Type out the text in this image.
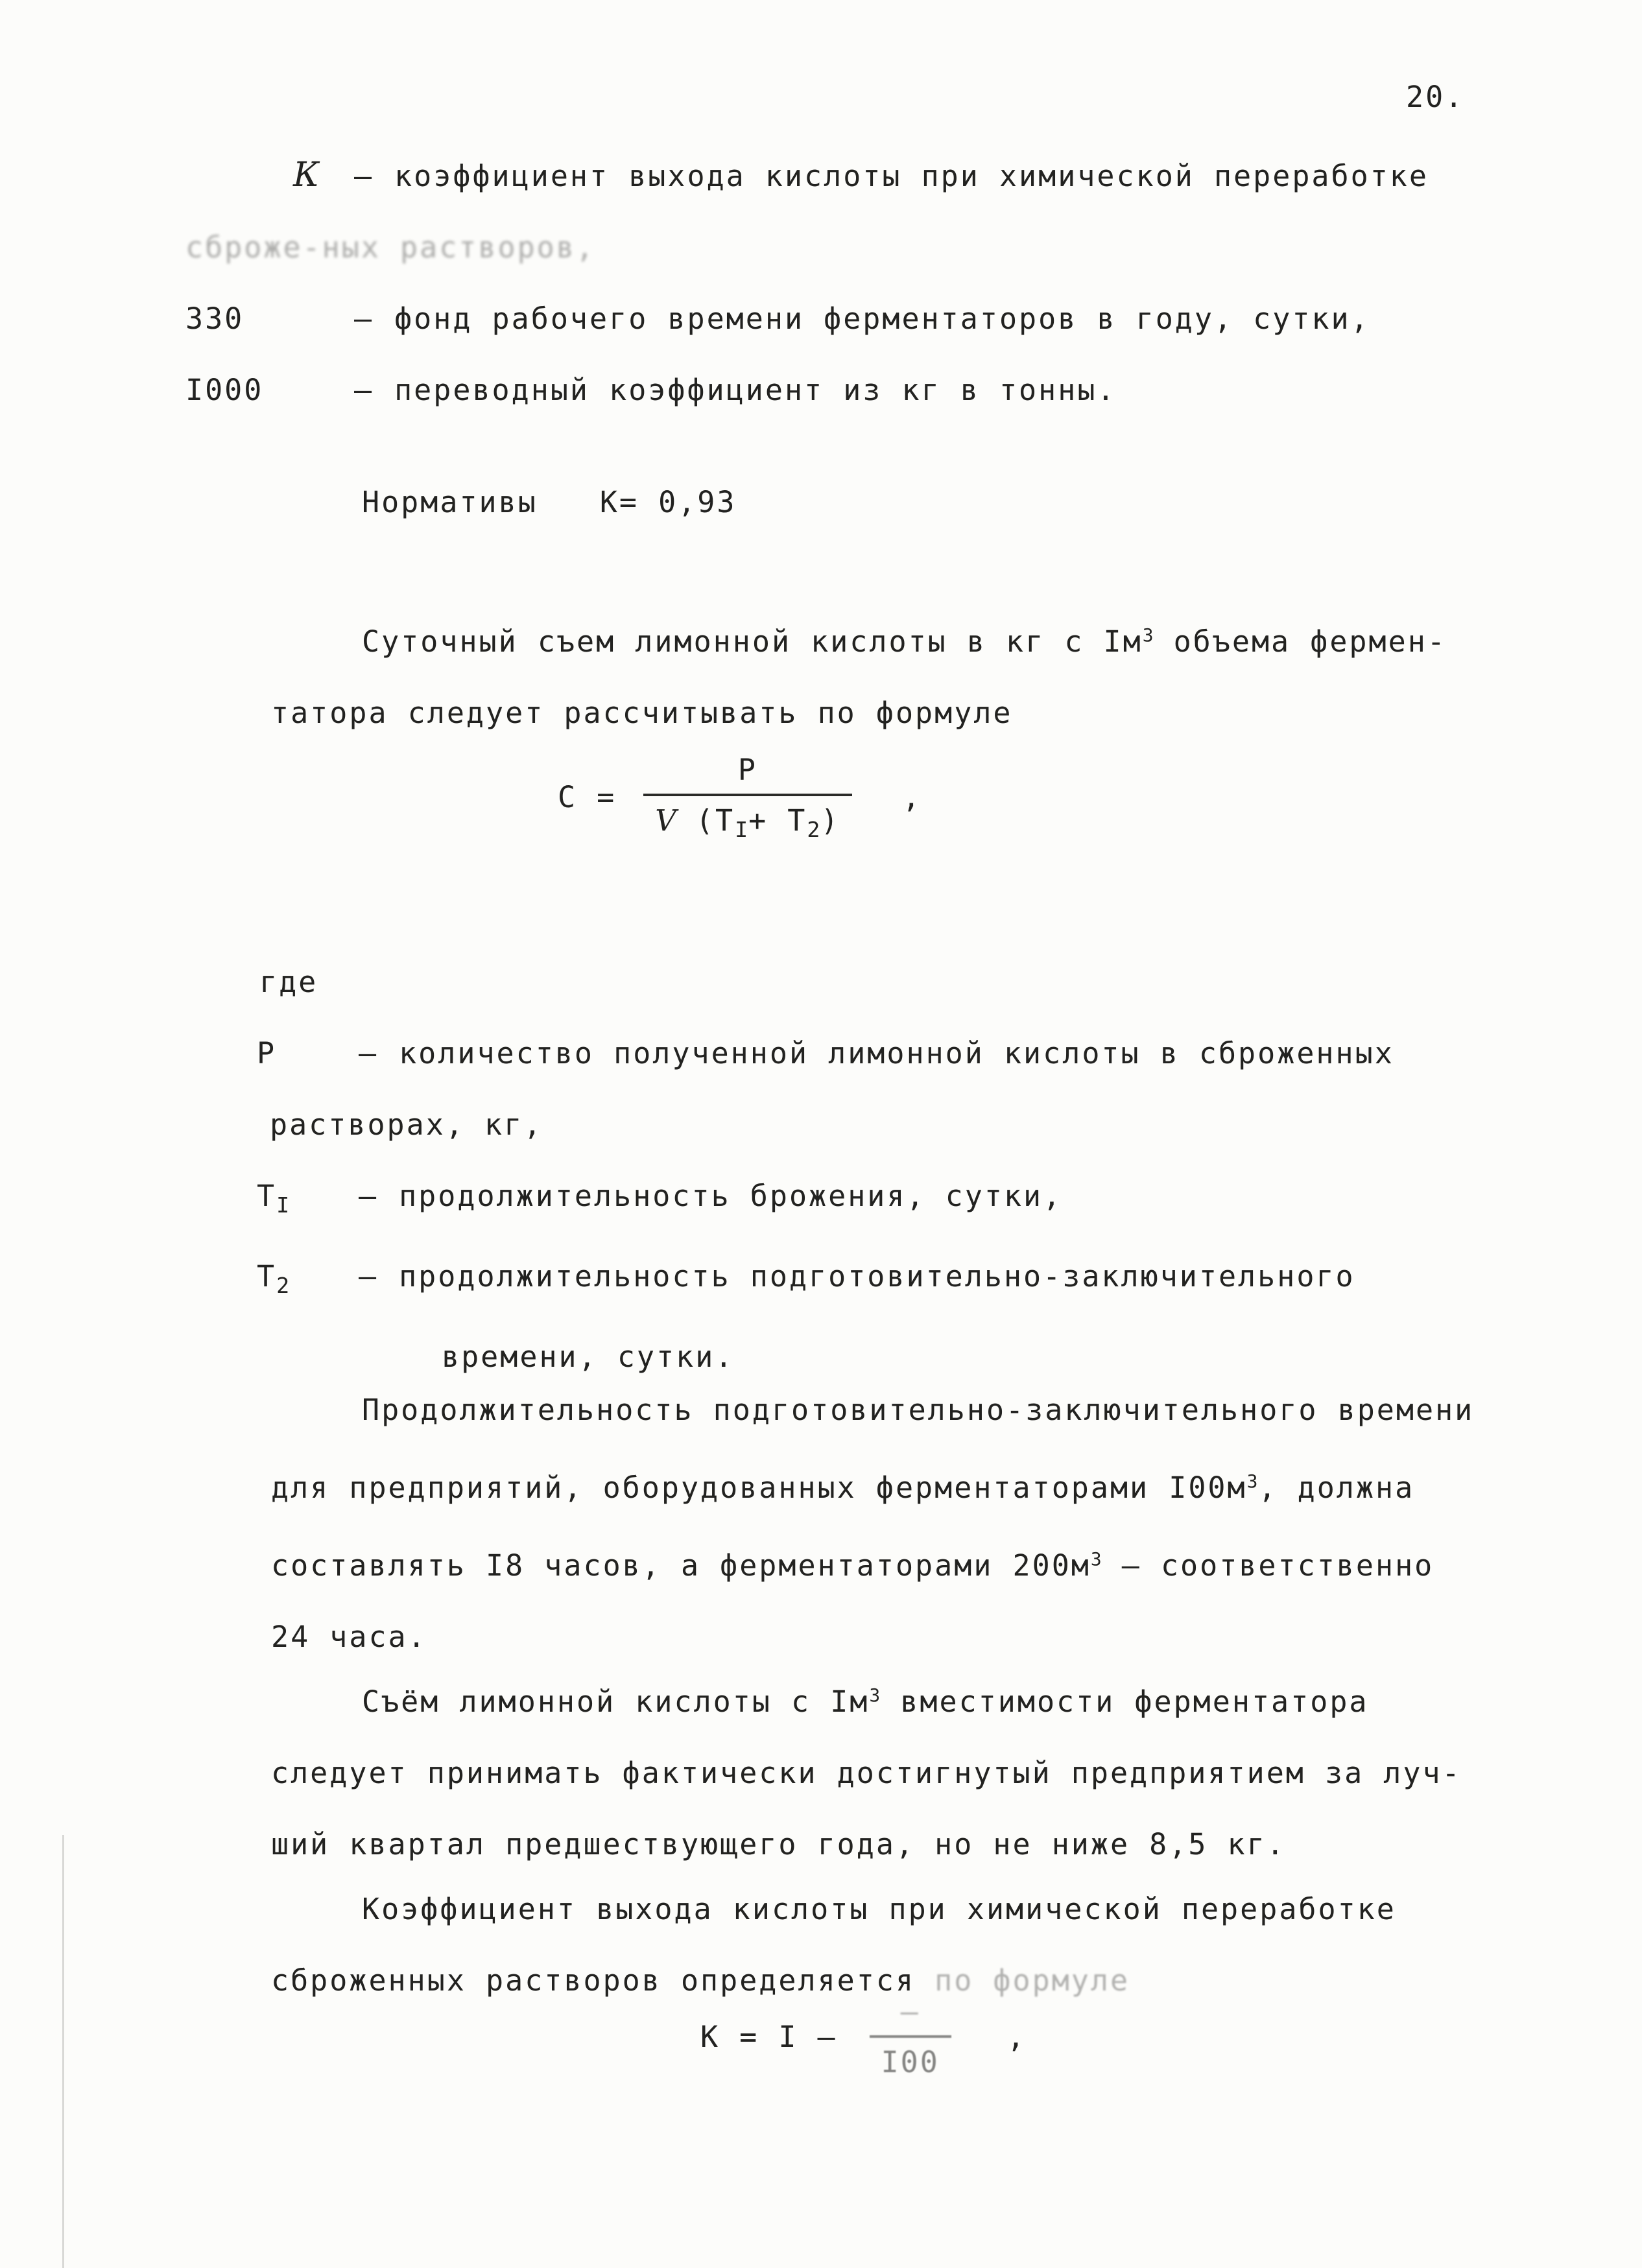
20.
К – коэффициент выхода кислоты при химической переработке
сброже-ных растворов,
330	– фонд рабочего времени ферментаторов в году, сутки,
I000	– переводный коэффициент из кг в тонны.
Нормативы К= 0,93
Суточный съем лимонной кислоты в кг с $Iм^3$ объема фермен-
татора следует рассчитывать по формуле
$С = \frac{Р}{V (Т_I+ Т_2)}$ ,
где
Р	– количество полученной лимонной кислоты в сброженных
растворах, кг,
$Т_I$ – продолжительность брожения, сутки,
$Т_2$ – продолжительность подготовительно-заключительного
времени, сутки.
Продолжительность подготовительно-заключительного времени
для предприятий, оборудованных ферментаторами $I00м^3$, должна
составлять I8 часов, а ферментаторами $200м^3$ – соответственно
24 часа.
Съём лимонной кислоты с $Iм^3$ вместимости ферментатора
следует принимать фактически достигнутый предприятием за луч-
ший квартал предшествующего года, но не ниже 8,5 кг.
Коэффициент выхода кислоты при химической переработке
сброженных растворов определяется по формуле
$К = I - \frac{—}{I00}$ ,
